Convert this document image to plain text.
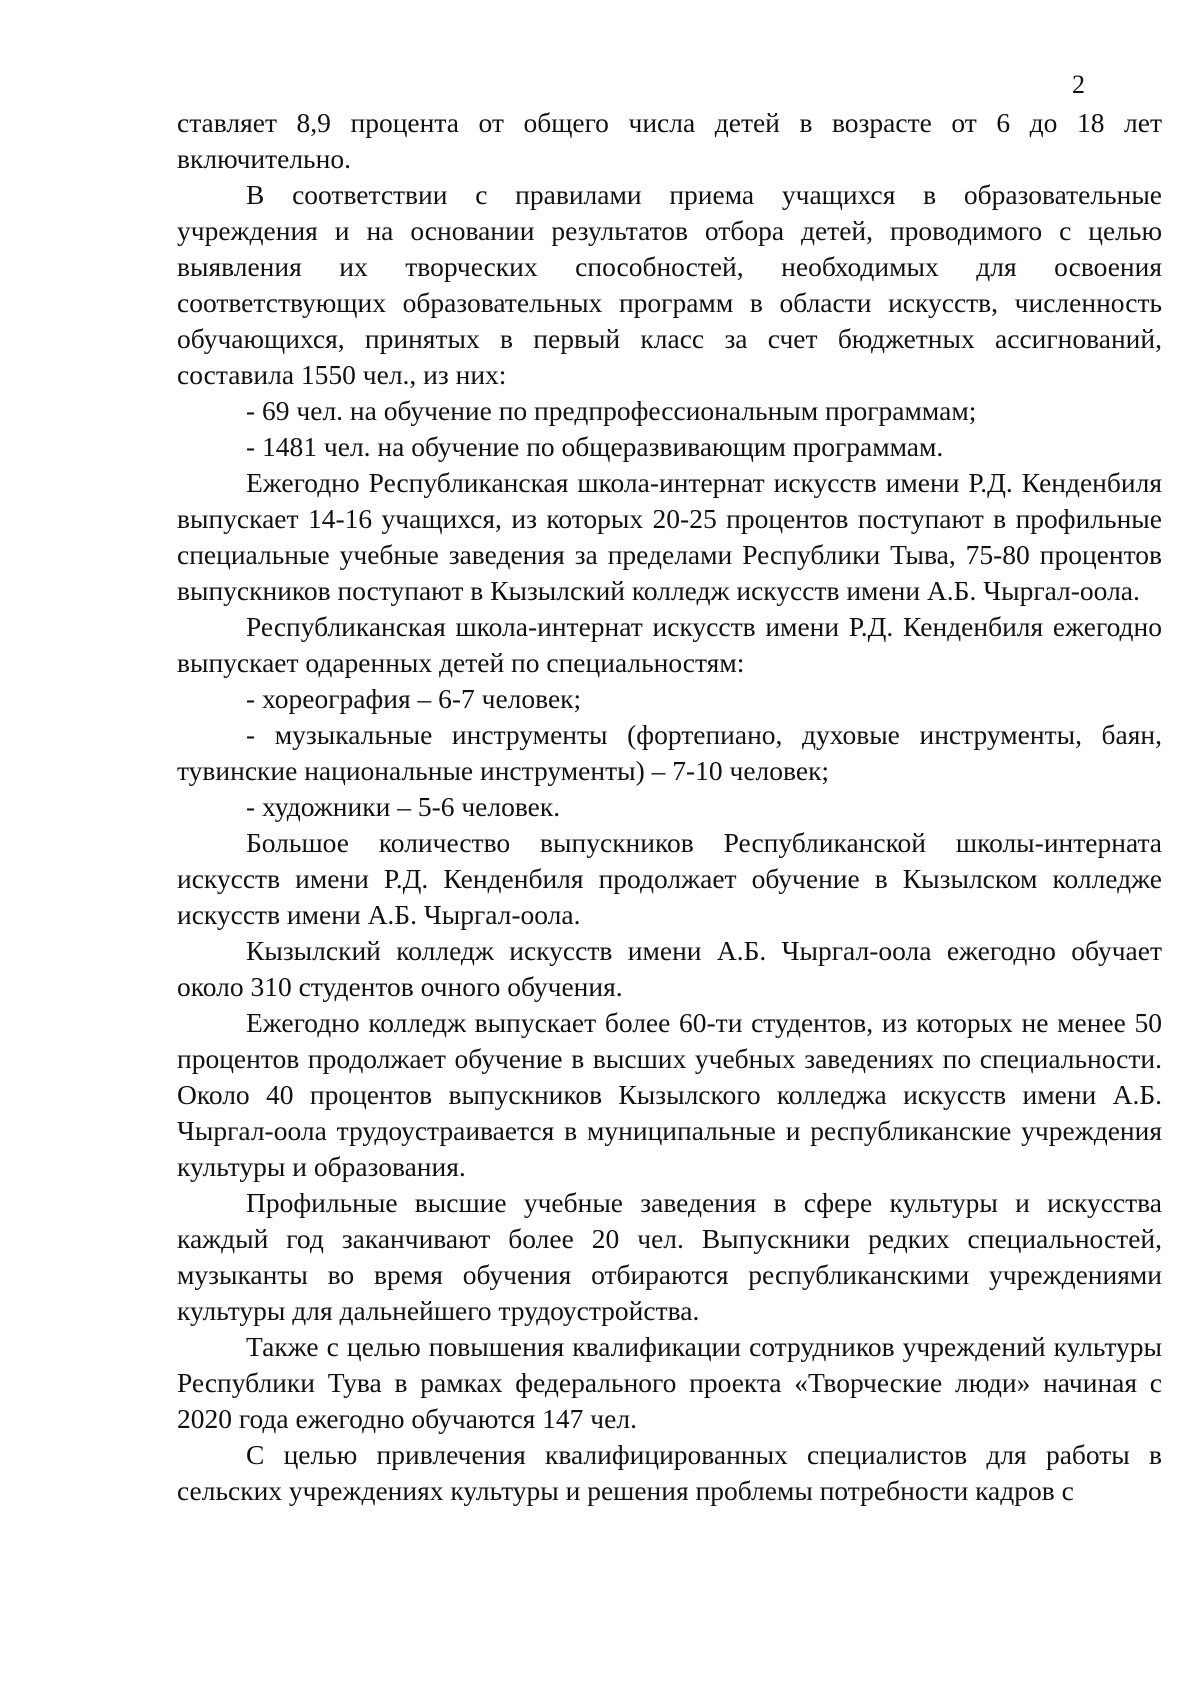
2

ставляет 8,9 процента от общего числа детей в возрасте от 6 до 18 лет включительно.

В соответствии с правилами приема учащихся в образовательные учреждения и на основании результатов отбора детей, проводимого с целью выявления их творческих способностей, необходимых для освоения соответствующих образовательных программ в области искусств, численность обучающихся, принятых в первый класс за счет бюджетных ассигнований, составила 1550 чел., из них:

- 69 чел. на обучение по предпрофессиональным программам;

- 1481 чел. на обучение по общеразвивающим программам.

Ежегодно Республиканская школа-интернат искусств имени Р.Д. Кенденбиля выпускает 14-16 учащихся, из которых 20-25 процентов поступают в профильные специальные учебные заведения за пределами Республики Тыва, 75-80 процентов выпускников поступают в Кызылский колледж искусств имени А.Б. Чыргал-оола.

Республиканская школа-интернат искусств имени Р.Д. Кенденбиля ежегодно выпускает одаренных детей по специальностям:

- хореография – 6-7 человек;

- музыкальные инструменты (фортепиано, духовые инструменты, баян, тувинские национальные инструменты) – 7-10 человек;

- художники – 5-6 человек.

Большое количество выпускников Республиканской школы-интерната искусств имени Р.Д. Кенденбиля продолжает обучение в Кызылском колледже искусств имени А.Б. Чыргал-оола.

Кызылский колледж искусств имени А.Б. Чыргал-оола ежегодно обучает около 310 студентов очного обучения.

Ежегодно колледж выпускает более 60-ти студентов, из которых не менее 50 процентов продолжает обучение в высших учебных заведениях по специальности. Около 40 процентов выпускников Кызылского колледжа искусств имени А.Б. Чыргал-оола трудоустраивается в муниципальные и республиканские учреждения культуры и образования.

Профильные высшие учебные заведения в сфере культуры и искусства каждый год заканчивают более 20 чел. Выпускники редких специальностей, музыканты во время обучения отбираются республиканскими учреждениями культуры для дальнейшего трудоустройства.

Также с целью повышения квалификации сотрудников учреждений культуры Республики Тува в рамках федерального проекта «Творческие люди» начиная с 2020 года ежегодно обучаются 147 чел.

С целью привлечения квалифицированных специалистов для работы в сельских учреждениях культуры и решения проблемы потребности кадров с
